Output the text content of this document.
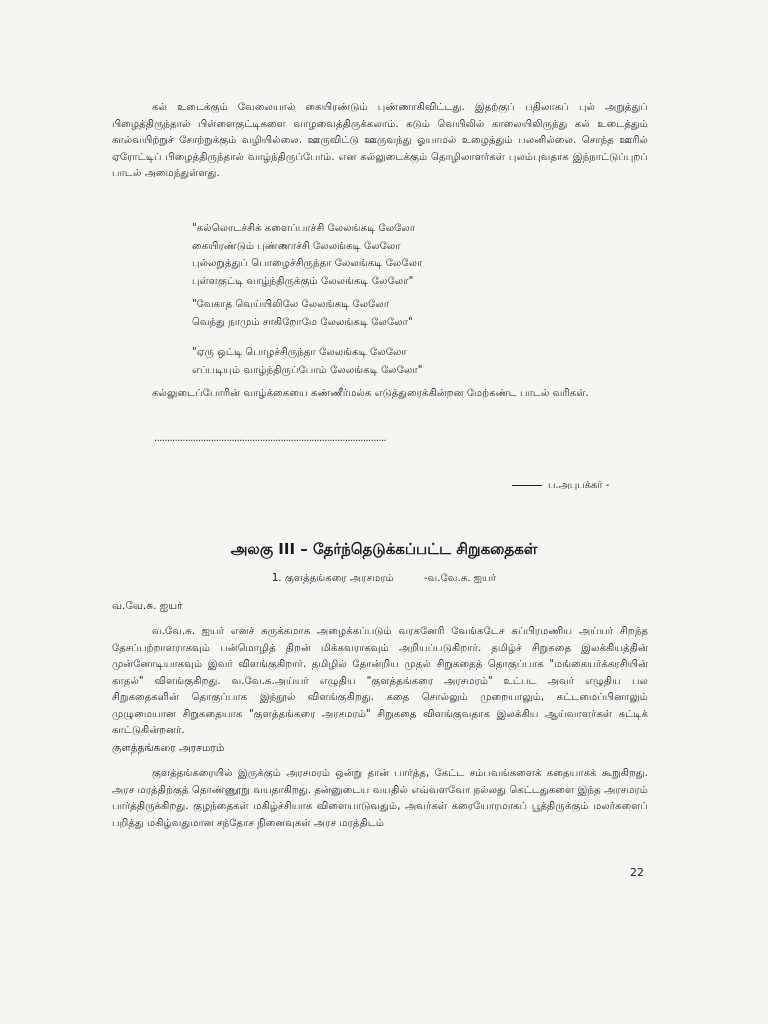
கல் உடைக்கும் வேலையால் கையிரண்டும் புண்ணாகிவிட்டது. இதற்குப் பதிலாகப் புல் அறுத்துப் பிழைத்திருந்தால் பிள்ளைகுட்டிகளை வாழவைத்திருக்கலாம். கடும் வெயிலில் காலையிலிருந்து கல் உடைத்தும் கால்வயிற்றுச் சோற்றுக்கும் வழியில்லை. ஊருவிட்டு ஊருவந்து ஓயாமல் உழைத்தும் பலனில்லை. சொந்த ஊரில் ஏரோட்டிப் பிழைத்திருந்தால் வாழ்ந்திருப்போம். என கல்லுடைக்கும் தொழிலாளர்கள் புலம்புவதாக இந்நாட்டுப்புறப் பாடல் அமைந்துள்ளது.

"கல்லொடச்சிக் களைப்பாச்சி லேலங்கடி லேலோ
கையிரண்டும் புண்ணாச்சி லேலங்கடி லேலோ
புல்லறுத்துப் பொழைச்சிருந்தா லேலங்கடி லேலோ
புள்ளகுட்டி வாழ்ந்திருக்கும் லேலங்கடி லேலோ"
"வேகாத வெய்யிலிலே லேலங்கடி லேலோ
வெந்து நாமும் சாகிறோமே லேலங்கடி லேலோ"
"ஏரு ஒட்டி பொழச்சிருந்தா லேலங்கடி லேலோ
எப்படியும் வாழ்ந்திருப்போம் லேலங்கடி லேலோ"

கல்லுடைப்போரின் வாழ்க்கையை கண்ணீர்மல்க எடுத்துரைக்கின்றன மேற்கண்ட பாடல் வரிகள்.

..........................................................................................
ப.அபுபக்கர் -
அலகு III – தேர்ந்தெடுக்கப்பட்ட சிறுகதைகள்
1. குளத்தங்கரை அரசமரம்	-வ.வே.சு. ஐயர்
வ.வே.சு. ஐயர்

வ.வே.சு. ஐயர் எனச் சுருக்கமாக அழைக்கப்படும் வரகனேரி வேங்கடேச சுப்பிரமணிய அய்யர் சிறந்த தேசப்பற்றாளராகவும் பன்மொழித் திறன் மிக்கவராகவும் அறியப்படுகிறார். தமிழ்ச் சிறுகதை இலக்கியத்தின் முன்னோடியாகவும் இவர் விளங்குகிறார். தமிழில் தோன்றிய முதல் சிறுகதைத் தொகுப்பாக "மங்கையர்க்கரசியின் காதல்" விளங்குகிறது. வ.வே.சு.அய்யர் எழுதிய "குளத்தங்கரை அரசமரம்" உட்பட அவர் எழுதிய பல சிறுகதைகளின் தொகுப்பாக இந்நூல் விளங்குகிறது. கதை சொல்லும் முறையாலும், கட்டமைப்பினாலும் முழுமையான சிறுகதையாக "குளத்தங்கரை அரசமரம்" சிறுகதை விளங்குவதாக இலக்கிய ஆய்வாளர்கள் சுட்டிக் காட்டுகின்றனர்.

குளத்தங்கரை அரசமரம்

குளத்தங்கரையில் இருக்கும் அரசமரம் ஒன்று தான் பார்த்த, கேட்ட சம்பவங்களைக் கதையாகக் கூறுகிறது. அரச மரத்திற்குத் தொண்ணூறு வயதாகிறது. தன்னுடைய வயதில் எவ்வளவோ நல்லது கெட்டதுகளை இந்த அரசமரம் பார்த்திருக்கிறது. குழந்தைகள் மகிழ்ச்சியாக விளையாடுவதும், அவர்கள் கரையோரமாகப் பூத்திருக்கும் மலர்களைப் பறித்து மகிழ்வதுமான சந்தோச நினைவுகள் அரச மரத்திடம்

22
